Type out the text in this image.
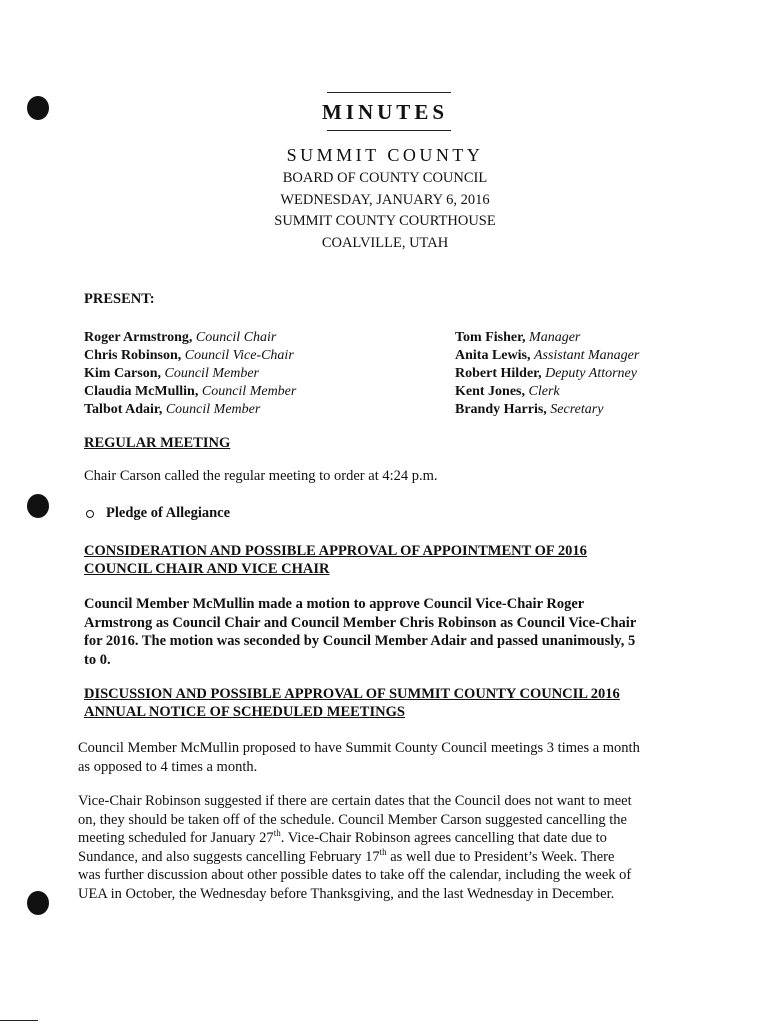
MINUTES
SUMMIT COUNTY
BOARD OF COUNTY COUNCIL
WEDNESDAY, JANUARY 6, 2016
SUMMIT COUNTY COURTHOUSE
COALVILLE, UTAH
PRESENT:
Roger Armstrong, Council Chair
Chris Robinson, Council Vice-Chair
Kim Carson, Council Member
Claudia McMullin, Council Member
Talbot Adair, Council Member
Tom Fisher, Manager
Anita Lewis, Assistant Manager
Robert Hilder, Deputy Attorney
Kent Jones, Clerk
Brandy Harris, Secretary
REGULAR MEETING
Chair Carson called the regular meeting to order at 4:24 p.m.
Pledge of Allegiance
CONSIDERATION AND POSSIBLE APPROVAL OF APPOINTMENT OF 2016
COUNCIL CHAIR AND VICE CHAIR
Council Member McMullin made a motion to approve Council Vice-Chair Roger
Armstrong as Council Chair and Council Member Chris Robinson as Council Vice-Chair
for 2016. The motion was seconded by Council Member Adair and passed unanimously, 5
to 0.
DISCUSSION AND POSSIBLE APPROVAL OF SUMMIT COUNTY COUNCIL 2016
ANNUAL NOTICE OF SCHEDULED MEETINGS
Council Member McMullin proposed to have Summit County Council meetings 3 times a month
as opposed to 4 times a month.
Vice-Chair Robinson suggested if there are certain dates that the Council does not want to meet
on, they should be taken off of the schedule. Council Member Carson suggested cancelling the
meeting scheduled for January 27th. Vice-Chair Robinson agrees cancelling that date due to
Sundance, and also suggests cancelling February 17th as well due to President’s Week. There
was further discussion about other possible dates to take off the calendar, including the week of
UEA in October, the Wednesday before Thanksgiving, and the last Wednesday in December.
